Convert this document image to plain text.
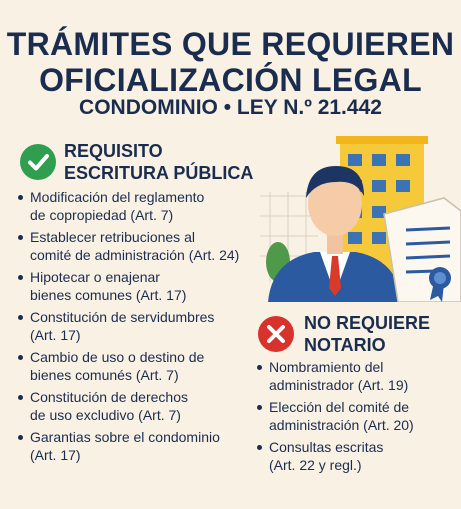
TRÁMITES QUE REQUIEREN
OFICIALIZACIÓN LEGAL
CONDOMINIO • LEY N.º 21.442
REQUISITO
ESCRITURA PÚBLICA
Modificación del reglamento
de copropiedad (Art. 7)
Establecer retribuciones al
comité de administración (Art. 24)
Hipotecar o enajenar
bienes comunes (Art. 17)
Constitución de servidumbres
(Art. 17)
Cambio de uso o destino de
bienes comunés (Art. 7)
Constitución de derechos
de uso excludivo (Art. 7)
Garantias sobre el condominio
(Art. 17)
NO REQUIERE
NOTARIO
Nombramiento del
administrador (Art. 19)
Elección del comité de
administración (Art. 20)
Consultas escritas
(Art. 22 y regl.)
